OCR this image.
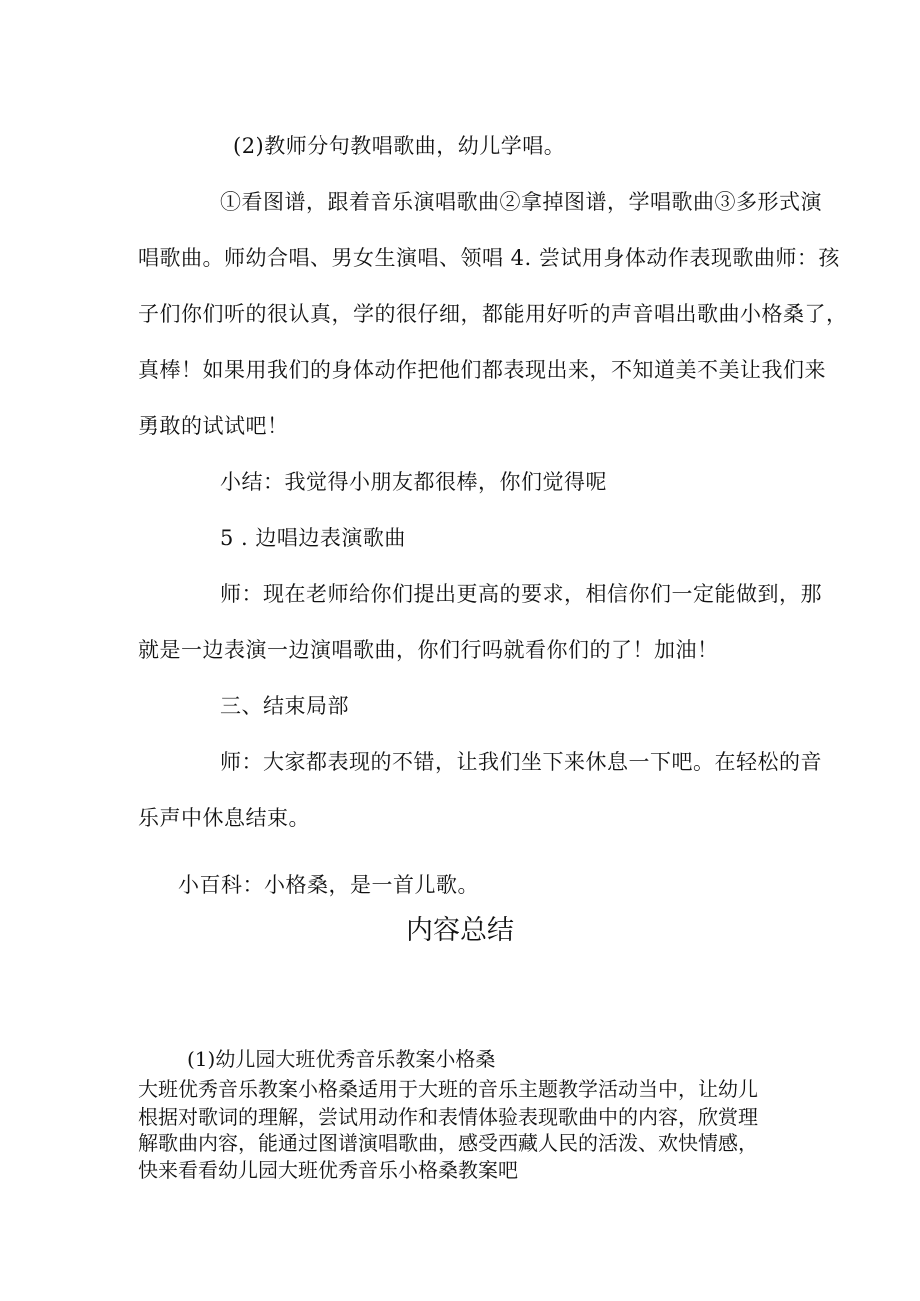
(2)教师分句教唱歌曲，幼儿学唱。

①看图谱，跟着音乐演唱歌曲②拿掉图谱，学唱歌曲③多形式演

唱歌曲。师幼合唱、男女生演唱、领唱 4. 尝试用身体动作表现歌曲师：孩

子们你们听的很认真，学的很仔细，都能用好听的声音唱出歌曲小格桑了，

真棒！如果用我们的身体动作把他们都表现出来，不知道美不美让我们来

勇敢的试试吧！

小结：我觉得小朋友都很棒，你们觉得呢

5 . 边唱边表演歌曲

师：现在老师给你们提出更高的要求，相信你们一定能做到，那

就是一边表演一边演唱歌曲，你们行吗就看你们的了！加油！

三、结束局部

师：大家都表现的不错，让我们坐下来休息一下吧。在轻松的音

乐声中休息结束。

小百科：小格桑，是一首儿歌。

内容总结

(1)幼儿园大班优秀音乐教案小格桑

大班优秀音乐教案小格桑适用于大班的音乐主题教学活动当中，让幼儿

根据对歌词的理解，尝试用动作和表情体验表现歌曲中的内容，欣赏理

解歌曲内容，能通过图谱演唱歌曲，感受西藏人民的活泼、欢快情感，

快来看看幼儿园大班优秀音乐小格桑教案吧
